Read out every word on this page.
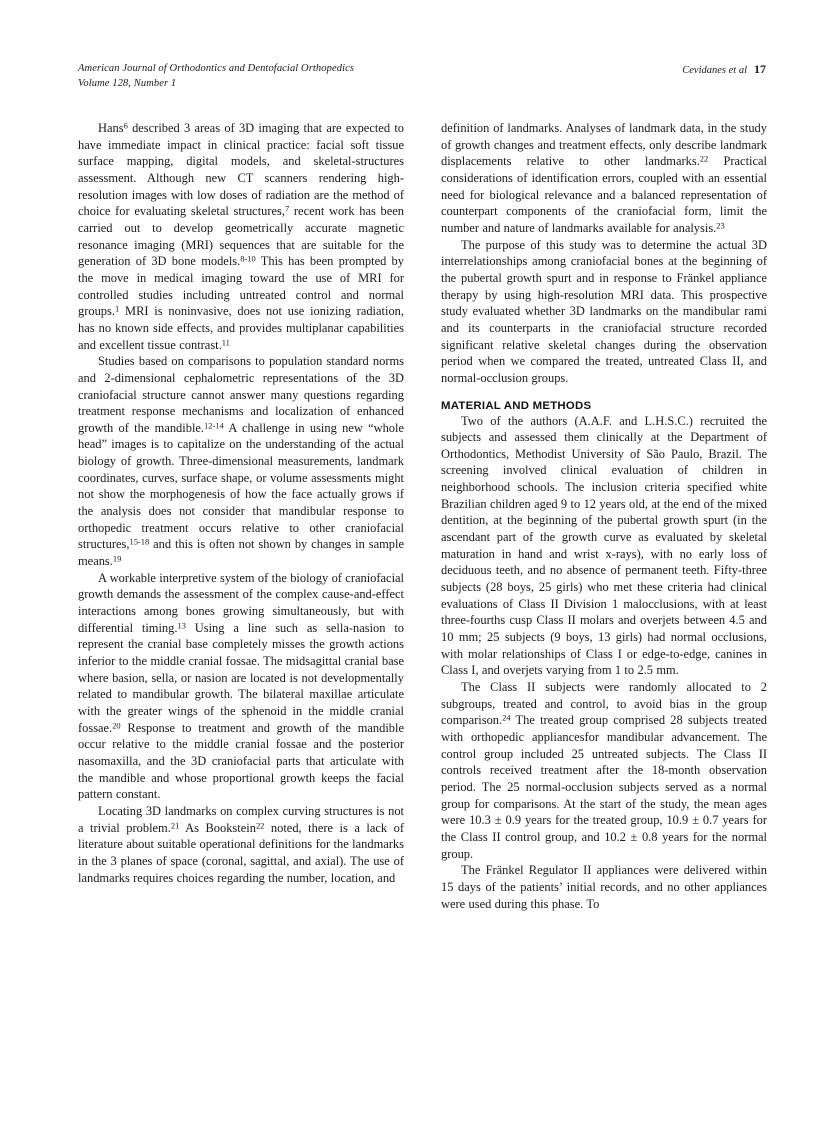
American Journal of Orthodontics and Dentofacial Orthopedics
Volume 128, Number 1
Cevidanes et al 17

Hans$^6$ described 3 areas of 3D imaging that are expected to have immediate impact in clinical practice: facial soft tissue surface mapping, digital models, and skeletal-structures assessment. Although new CT scanners rendering high-resolution images with low doses of radiation are the method of choice for evaluating skeletal structures,$^7$ recent work has been carried out to develop geometrically accurate magnetic resonance imaging (MRI) sequences that are suitable for the generation of 3D bone models.$^{8-10}$ This has been prompted by the move in medical imaging toward the use of MRI for controlled studies including untreated control and normal groups.$^1$ MRI is noninvasive, does not use ionizing radiation, has no known side effects, and provides multiplanar capabilities and excellent tissue contrast.$^{11}$

Studies based on comparisons to population standard norms and 2-dimensional cephalometric representations of the 3D craniofacial structure cannot answer many questions regarding treatment response mechanisms and localization of enhanced growth of the mandible.$^{12-14}$ A challenge in using new “whole head” images is to capitalize on the understanding of the actual biology of growth. Three-dimensional measurements, landmark coordinates, curves, surface shape, or volume assessments might not show the morphogenesis of how the face actually grows if the analysis does not consider that mandibular response to orthopedic treatment occurs relative to other craniofacial structures,$^{15-18}$ and this is often not shown by changes in sample means.$^{19}$

A workable interpretive system of the biology of craniofacial growth demands the assessment of the complex cause-and-effect interactions among bones growing simultaneously, but with differential timing.$^{13}$ Using a line such as sella-nasion to represent the cranial base completely misses the growth actions inferior to the middle cranial fossae. The midsagittal cranial base where basion, sella, or nasion are located is not developmentally related to mandibular growth. The bilateral maxillae articulate with the greater wings of the sphenoid in the middle cranial fossae.$^{20}$ Response to treatment and growth of the mandible occur relative to the middle cranial fossae and the posterior nasomaxilla, and the 3D craniofacial parts that articulate with the mandible and whose proportional growth keeps the facial pattern constant.

Locating 3D landmarks on complex curving structures is not a trivial problem.$^{21}$ As Bookstein$^{22}$ noted, there is a lack of literature about suitable operational definitions for the landmarks in the 3 planes of space (coronal, sagittal, and axial). The use of landmarks requires choices regarding the number, location, and

definition of landmarks. Analyses of landmark data, in the study of growth changes and treatment effects, only describe landmark displacements relative to other landmarks.$^{22}$ Practical considerations of identification errors, coupled with an essential need for biological relevance and a balanced representation of counterpart components of the craniofacial form, limit the number and nature of landmarks available for analysis.$^{23}$

The purpose of this study was to determine the actual 3D interrelationships among craniofacial bones at the beginning of the pubertal growth spurt and in response to Fränkel appliance therapy by using high-resolution MRI data. This prospective study evaluated whether 3D landmarks on the mandibular rami and its counterparts in the craniofacial structure recorded significant relative skeletal changes during the observation period when we compared the treated, untreated Class II, and normal-occlusion groups.

MATERIAL AND METHODS

Two of the authors (A.A.F. and L.H.S.C.) recruited the subjects and assessed them clinically at the Department of Orthodontics, Methodist University of São Paulo, Brazil. The screening involved clinical evaluation of children in neighborhood schools. The inclusion criteria specified white Brazilian children aged 9 to 12 years old, at the end of the mixed dentition, at the beginning of the pubertal growth spurt (in the ascendant part of the growth curve as evaluated by skeletal maturation in hand and wrist x-rays), with no early loss of deciduous teeth, and no absence of permanent teeth. Fifty-three subjects (28 boys, 25 girls) who met these criteria had clinical evaluations of Class II Division 1 malocclusions, with at least three-fourths cusp Class II molars and overjets between 4.5 and 10 mm; 25 subjects (9 boys, 13 girls) had normal occlusions, with molar relationships of Class I or edge-to-edge, canines in Class I, and overjets varying from 1 to 2.5 mm.

The Class II subjects were randomly allocated to 2 subgroups, treated and control, to avoid bias in the group comparison.$^{24}$ The treated group comprised 28 subjects treated with orthopedic appliancesfor mandibular advancement. The control group included 25 untreated subjects. The Class II controls received treatment after the 18-month observation period. The 25 normal-occlusion subjects served as a normal group for comparisons. At the start of the study, the mean ages were 10.3 ± 0.9 years for the treated group, 10.9 ± 0.7 years for the Class II control group, and 10.2 ± 0.8 years for the normal group.

The Fränkel Regulator II appliances were delivered within 15 days of the patients’ initial records, and no other appliances were used during this phase. To
